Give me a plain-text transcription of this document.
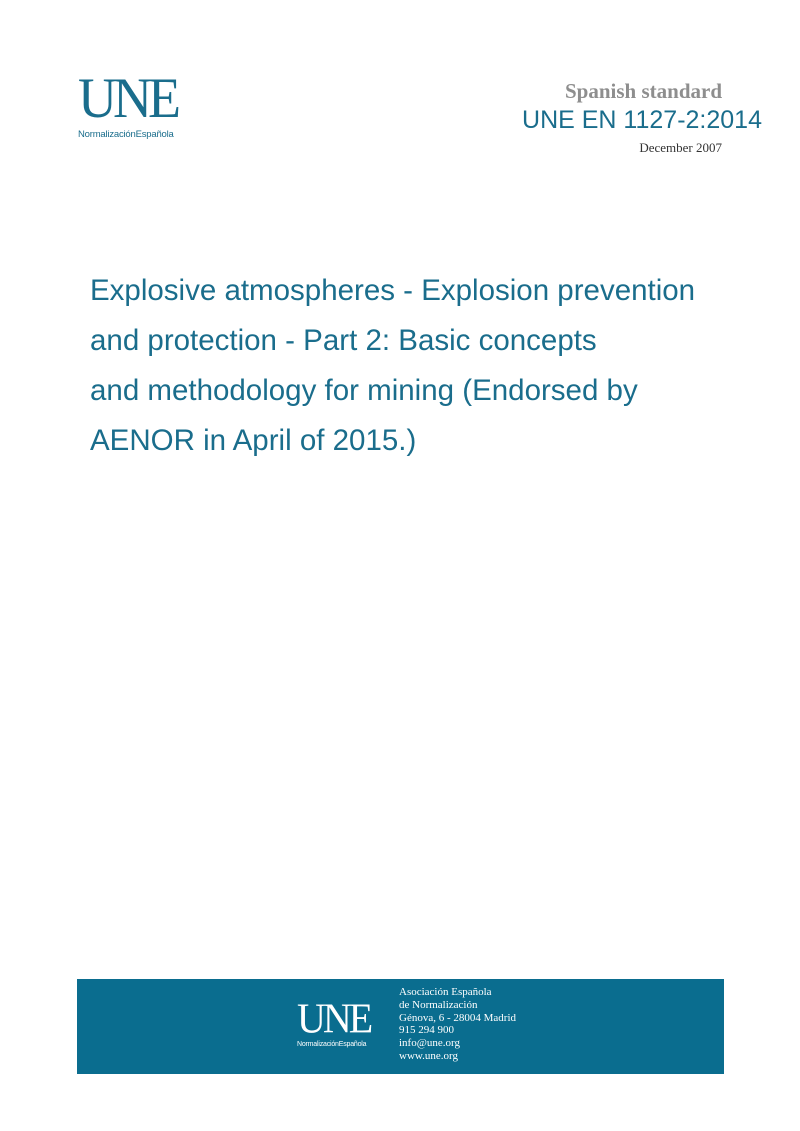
UNE
NormalizaciónEspañola
Spanish standard
UNE EN 1127-2:2014
December 2007
Explosive atmospheres - Explosion prevention
and protection - Part 2: Basic concepts
and methodology for mining (Endorsed by
AENOR in April of 2015.)
UNE
NormalizaciónEspañola
Asociación Española
de Normalización
Génova, 6 - 28004 Madrid
915 294 900
info@une.org
www.une.org
